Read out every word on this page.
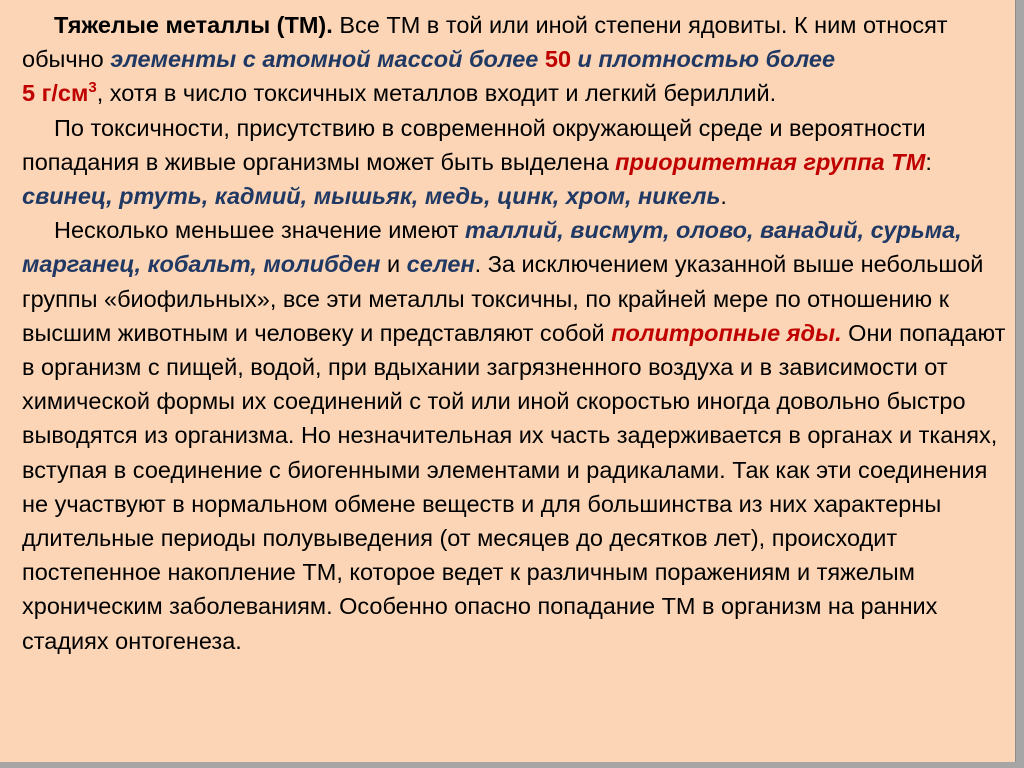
Тяжелые металлы (ТМ). Все ТМ в той или иной степени ядовиты. К ним относят обычно элементы с атомной массой более 50 и плотностью более
5 $г/см^3$, хотя в число токсичных металлов входит и легкий бериллий.

По токсичности, присутствию в современной окружающей среде и вероятности попадания в живые организмы может быть выделена приоритетная группа ТМ: свинец, ртуть, кадмий, мышьяк, медь, цинк, хром, никель.

Несколько меньшее значение имеют таллий, висмут, олово, ванадий, сурьма, марганец, кобальт, молибден и селен. За исключением указанной выше небольшой группы «биофильных», все эти металлы токсичны, по крайней мере по отношению к высшим животным и человеку и представляют собой политропные яды. Они попадают в организм с пищей, водой, при вдыхании загрязненного воздуха и в зависимости от химической формы их соединений с той или иной скоростью иногда довольно быстро выводятся из организма. Но незначительная их часть задерживается в органах и тканях, вступая в соединение с биогенными элементами и радикалами. Так как эти соединения не участвуют в нормальном обмене веществ и для большинства из них характерны длительные периоды полувыведения (от месяцев до десятков лет), происходит постепенное накопление ТМ, которое ведет к различным поражениям и тяжелым хроническим заболеваниям. Особенно опасно попадание ТМ в организм на ранних стадиях онтогенеза.
